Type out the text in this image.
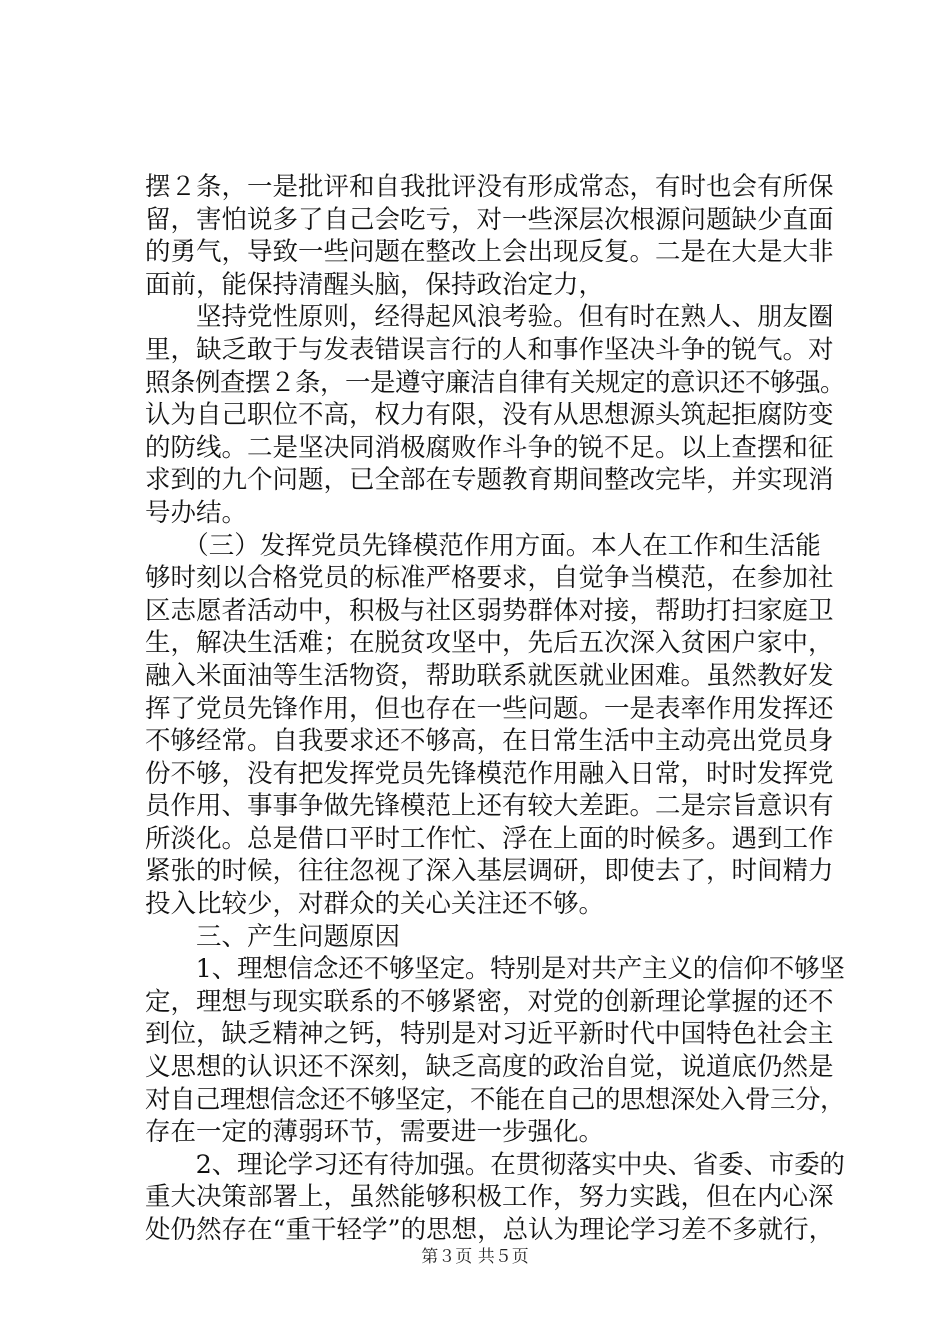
摆２条，一是批评和自我批评没有形成常态，有时也会有所保
留，害怕说多了自己会吃亏，对一些深层次根源问题缺少直面
的勇气，导致一些问题在整改上会出现反复。二是在大是大非
面前，能保持清醒头脑，保持政治定力，
　　坚持党性原则，经得起风浪考验。但有时在熟人、朋友圈
里，缺乏敢于与发表错误言行的人和事作坚决斗争的锐气。对
照条例查摆２条，一是遵守廉洁自律有关规定的意识还不够强。
认为自己职位不高，权力有限，没有从思想源头筑起拒腐防变
的防线。二是坚决同消极腐败作斗争的锐不足。以上查摆和征
求到的九个问题，已全部在专题教育期间整改完毕，并实现消
号办结。
　　（三）发挥党员先锋模范作用方面。本人在工作和生活能
够时刻以合格党员的标准严格要求，自觉争当模范，在参加社
区志愿者活动中，积极与社区弱势群体对接，帮助打扫家庭卫
生，解决生活难；在脱贫攻坚中，先后五次深入贫困户家中，
融入米面油等生活物资，帮助联系就医就业困难。虽然教好发
挥了党员先锋作用，但也存在一些问题。一是表率作用发挥还
不够经常。自我要求还不够高，在日常生活中主动亮出党员身
份不够，没有把发挥党员先锋模范作用融入日常，时时发挥党
员作用、事事争做先锋模范上还有较大差距。二是宗旨意识有
所淡化。总是借口平时工作忙、浮在上面的时候多。遇到工作
紧张的时候，往往忽视了深入基层调研，即使去了，时间精力
投入比较少，对群众的关心关注还不够。
　　三、产生问题原因
　　1、理想信念还不够坚定。特别是对共产主义的信仰不够坚
定，理想与现实联系的不够紧密，对党的创新理论掌握的还不
到位，缺乏精神之钙，特别是对习近平新时代中国特色社会主
义思想的认识还不深刻，缺乏高度的政治自觉，说道底仍然是
对自己理想信念还不够坚定，不能在自己的思想深处入骨三分，
存在一定的薄弱环节，需要进一步强化。
　　2、理论学习还有待加强。在贯彻落实中央、省委、市委的
重大决策部署上，虽然能够积极工作，努力实践，但在内心深
处仍然存在“重干轻学”的思想，总认为理论学习差不多就行，
第３页 共５页
